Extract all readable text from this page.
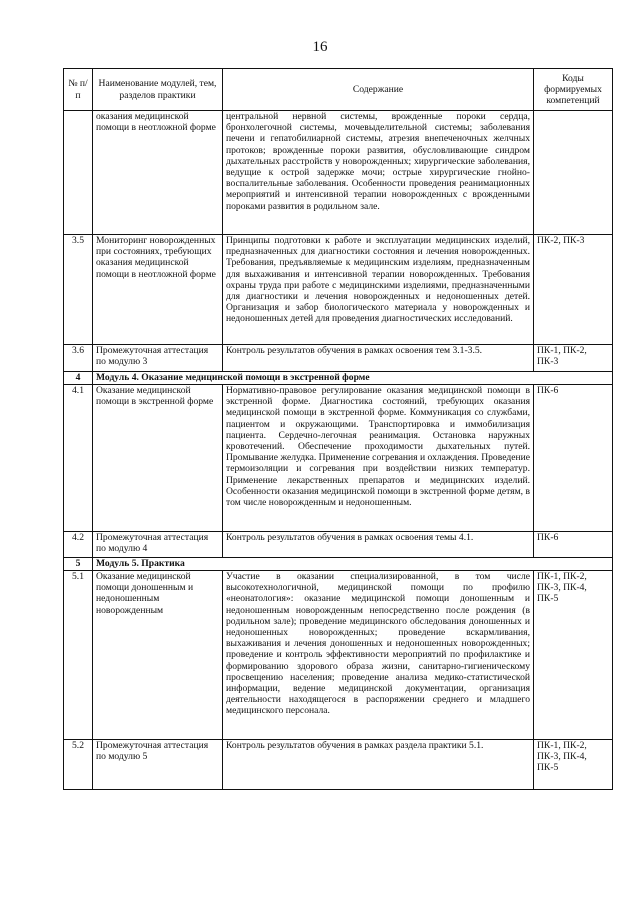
16
№ п/п	Наименование модулей, тем, разделов практики	Содержание	Коды формируемых компетенций
	оказания медицинской помощи в неотложной форме	центральной нервной системы, врожденные пороки сердца, бронхолегочной системы, мочевыделительной системы; заболевания печени и гепатобилиарной системы, атрезия внепеченочных желчных протоков; врожденные пороки развития, обусловливающие синдром дыхательных расстройств у новорожденных; хирургические заболевания, ведущие к острой задержке мочи; острые хирургические гнойно-воспалительные заболевания. Особенности проведения реанимационных мероприятий и интенсивной терапии новорожденных с врожденными пороками развития в родильном зале.	
3.5	Мониторинг новорожденных при состояниях, требующих оказания медицинской помощи в неотложной форме	Принципы подготовки к работе и эксплуатации медицинских изделий, предназначенных для диагностики состояния и лечения новорожденных. Требования, предъявляемые к медицинским изделиям, предназначенным для выхаживания и интенсивной терапии новорожденных. Требования охраны труда при работе с медицинскими изделиями, предназначенными для диагностики и лечения новорожденных и недоношенных детей. Организация и забор биологического материала у новорожденных и недоношенных детей для проведения диагностических исследований.	ПК-2, ПК-3
3.6	Промежуточная аттестация по модулю 3	Контроль результатов обучения в рамках освоения тем 3.1-3.5.	ПК-1, ПК-2, ПК-3
4	Модуль 4. Оказание медицинской помощи в экстренной форме		
4.1	Оказание медицинской помощи в экстренной форме	Нормативно-правовое регулирование оказания медицинской помощи в экстренной форме. Диагностика состояний, требующих оказания медицинской помощи в экстренной форме. Коммуникация со службами, пациентом и окружающими. Транспортировка и иммобилизация пациента. Сердечно-легочная реанимация. Остановка наружных кровотечений. Обеспечение проходимости дыхательных путей. Промывание желудка. Применение согревания и охлаждения. Проведение термоизоляции и согревания при воздействии низких температур. Применение лекарственных препаратов и медицинских изделий. Особенности оказания медицинской помощи в экстренной форме детям, в том числе новорожденным и недоношенным.	ПК-6
4.2	Промежуточная аттестация по модулю 4	Контроль результатов обучения в рамках освоения темы 4.1.	ПК-6
5	Модуль 5. Практика		
5.1	Оказание медицинской помощи доношенным и недоношенным новорожденным	Участие в оказании специализированной, в том числе высокотехнологичной, медицинской помощи по профилю «неонатология»: оказание медицинской помощи доношенным и недоношенным новорожденным непосредственно после рождения (в родильном зале); проведение медицинского обследования доношенных и недоношенных новорожденных; проведение вскармливания, выхаживания и лечения доношенных и недоношенных новорожденных; проведение и контроль эффективности мероприятий по профилактике и формированию здорового образа жизни, санитарно-гигиеническому просвещению населения; проведение анализа медико-статистической информации, ведение медицинской документации, организация деятельности находящегося в распоряжении среднего и младшего медицинского персонала.	ПК-1, ПК-2, ПК-3, ПК-4, ПК-5
5.2	Промежуточная аттестация по модулю 5	Контроль результатов обучения в рамках раздела практики 5.1.	ПК-1, ПК-2, ПК-3, ПК-4, ПК-5
